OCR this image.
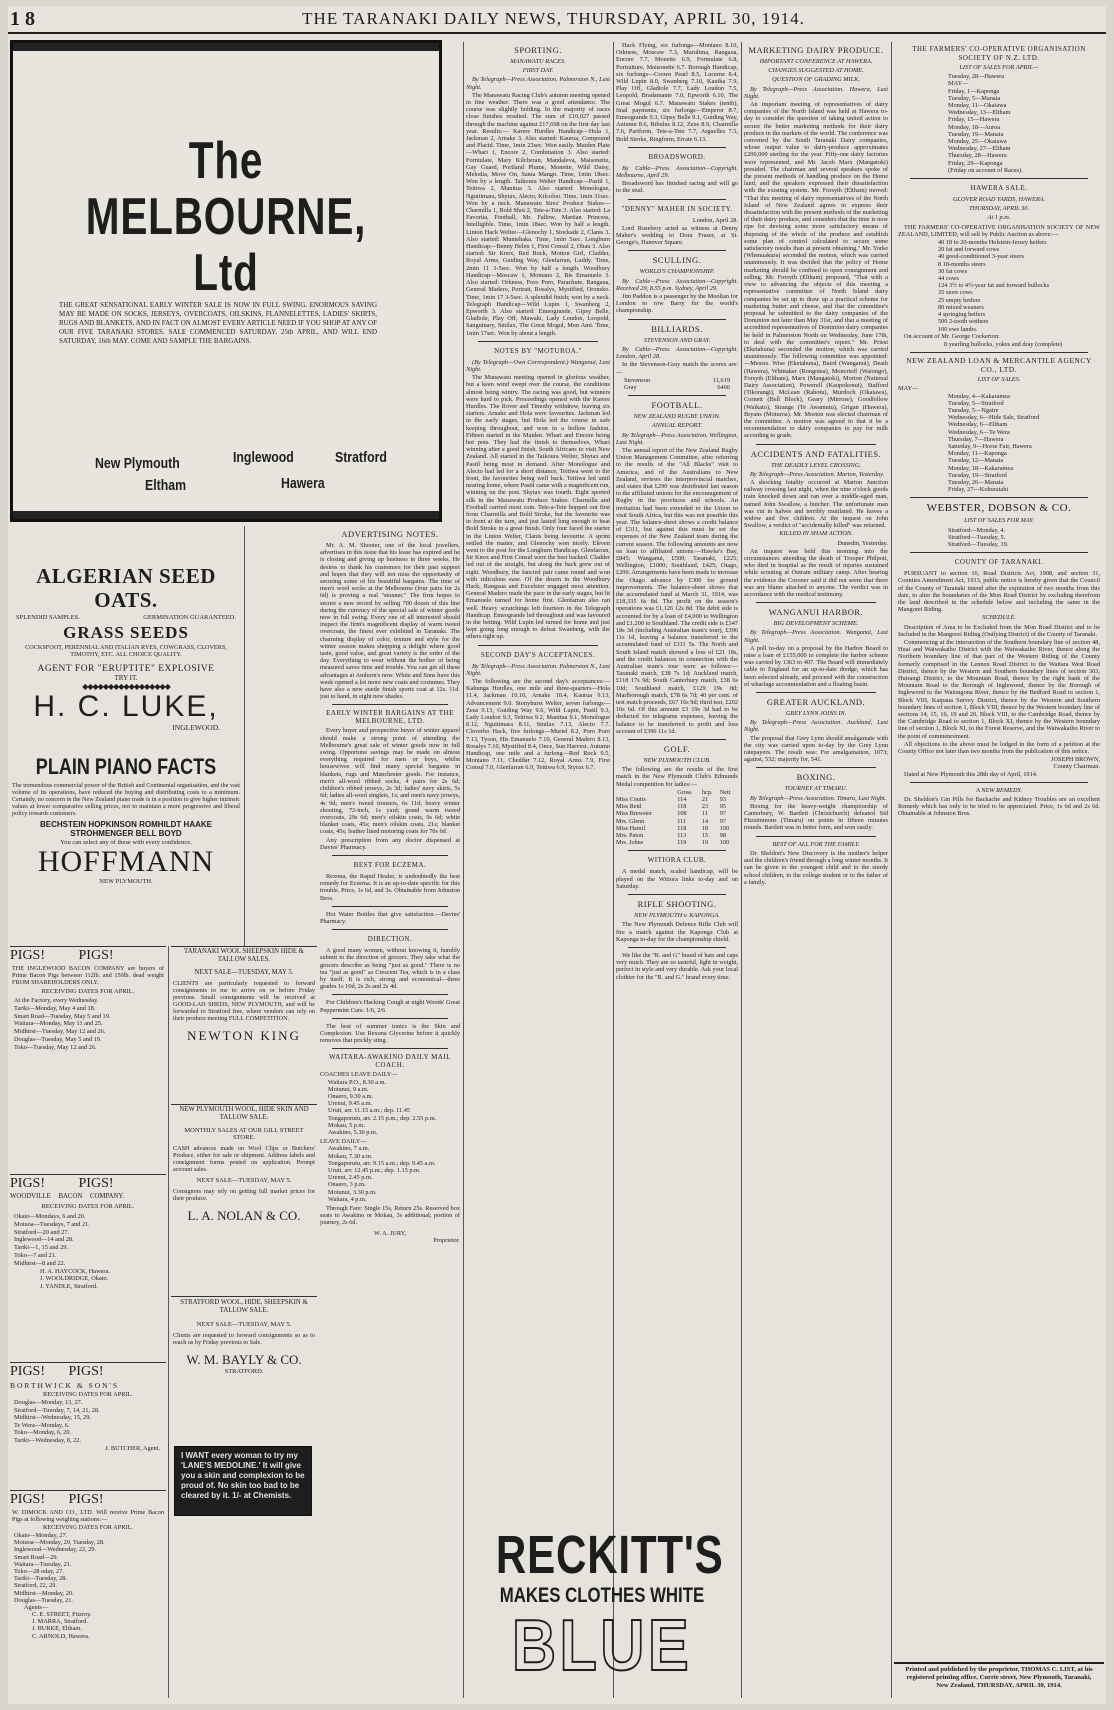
1 8	THE TARANAKI DAILY NEWS, THURSDAY, APRIL 30, 1914.
The MELBOURNE, Ltd
THE GREAT SENSATIONAL EARLY WINTER SALE IS NOW IN FULL SWING. ENORMOUS SAVING MAY BE MADE ON SOCKS, JERSEYS, OVERCOATS, OILSKINS, FLANNELETTES, LADIES' SKIRTS, RUGS AND BLANKETS, AND IN FACT ON ALMOST EVERY ARTICLE NEED IF YOU SHOP AT ANY OF OUR FIVE TARANAKI STORES. SALE COMMENCED SATURDAY, 25th APRIL, AND WILL END SATURDAY, 16th MAY. COME AND SAMPLE THE BARGAINS.
New Plymouth	Inglewood	Stratford
Eltham	Hawera
ALGERIAN SEED OATS.
SPLENDID SAMPLES.	GERMINATION GUARANTEED.
GRASS SEEDS
COCKSFOOT, PERENNIAL AND ITALIAN RYES, COWGRASS, CLOVERS, TIMOTHY, ETC. ALL CHOICE QUALITY.
AGENT FOR "ERUPTITE" EXPLOSIVE
TRY IT.
◆◆◆◆◆◆◆◆◆◆◆◆◆◆◆◆◆
H. C. LUKE,
INGLEWOOD.
PLAIN PIANO FACTS
The tremendous commercial power of the British and Continental organisation, and the vast volume of its operations, have reduced the buying and distributing costs to a minimum. Certainly, no concern in the New Zealand piano trade is in a position to give higher intrinsic values at lower comparative selling prices, nor to maintain a more progressive and liberal policy towards customers.
BECHSTEIN HOPKINSON ROMHILDT HAAKE
STROHMENGER BELL BOYD
You can select any of these with every confidence.
HOFFMANN
NEW PLYMOUTH.
PIGS! PIGS!
THE INGLEWOOD BACON COMPANY are buyers of Prime Bacon Pigs between 112lb. and 150lb. dead weight FROM SHAREHOLDERS ONLY.
RECEIVING DATES FOR APRIL.
At the Factory, every Wednesday.
Tariki—Monday, May 4 and 18.
Smart Road—Tuesday, May 5 and 19.
Waitara—Monday, May 11 and 25.
Midhirst—Tuesday, May 12 and 26.
Douglas—Tuesday, May 5 and 19.
Toko—Tuesday, May 12 and 26.
PIGS! PIGS!
WOODVILLE BACON COMPANY.
RECEIVING DATES FOR APRIL.
Okato—Mondays, 6 and 20.
Motuoa—Tuesdays, 7 and 21.
Stratford—20 and 27.
Inglewood—14 and 28.
Tariki—1, 15 and 29.
Toko—7 and 21.
Midhirst—8 and 22.
H. A. HAYCOCK, Hawera.
J. WOOLDRIDGE, Okato.
J. YANDLE, Stratford.
PIGS! PIGS!
BORTHWICK & SON'S
RECEIVING DATES FOR APRIL.
Douglas—Monday, 13, 27.
Stratford—Tuesday, 7, 14, 21, 28.
Midhirst—Wednesday, 15, 29.
Te Wera—Monday, 6.
Toko—Monday, 6, 20.
Tariki—Wednesday, 8, 22.
J. BUTCHER, Agent.
PIGS! PIGS!
W. DIMOCK AND CO., LTD. Will receive Prime Bacon Pigs at following weighing stations:—
RECEIVING DATES FOR APRIL.
Okato—Monday, 27.
Motuoa—Monday, 29, Tuesday, 28.
Inglewood—Wednesday, 22, 29.
Smart Road—29.
Waitara—Tuesday, 21.
Toko—28 oday, 27.
Tariki—Tuesday, 28.
Stratford, 22, 29.
Midhirst—Monday, 20.
Douglas—Tuesday, 21.
Agents—
C. E. STREET, Fitzroy.
J. MARRA, Stratford.
J. BURKE, Eltham.
C. ARNOLD, Hawera.
TARANAKI WOOL SHEEPSKIN HIDE & TALLOW SALES.
NEXT SALE—TUESDAY, MAY 5.
CLIENTS are particularly requested to forward consignments to me to arrive on or before Friday previous. Small consignments will be received at GOOD-LAD SHEDS, NEW PLYMOUTH, and will be forwarded to Stratford free, where vendors can rely on their produce meeting FULL COMPETITION.
NEWTON KING
NEW PLYMOUTH WOOL, HIDE SKIN AND TALLOW SALE.
MONTHLY SALES AT OUR GILL STREET STORE.
CASH advances made on Wool Clips or Butchers' Produce, either for sale or shipment. Address labels and consignment forms posted on application. Prompt account sales.
NEXT SALE—TUESDAY, MAY 5.
Consignors may rely on getting full market prices for their produce.
L. A. NOLAN & CO.
STRATFORD WOOL, HIDE, SHEEPSKIN & TALLOW SALE.
NEXT SALE—TUESDAY, MAY 5.
Clients are requested to forward consignments so as to reach us by Friday previous to Sale.
W. M. BAYLY & CO.
STRATFORD.
I WANT every woman to try my 'LANE'S MEDOLINE.' It will give you a skin and complexion to be proud of. No skin too bad to be cleared by it. 1/- at Chemists.
ADVERTISING NOTES.

Mr. A. M. Shooter, one of the local jewellers, advertises in this issue that his lease has expired and he is closing and giving up business in three weeks. He desires to thank his customers for their past support and hopes that they will not miss the opportunity of securing some of his beautiful bargains. The time of men's wool socks at the Melbourne (four pairs for 2s 6d) is proving a real "stunner." The firm hopes to secure a new record by selling 700 dozen of this line during the currency of the special sale of winter goods now in full swing. Every one of all interested should inspect the firm's magnificent display of warm tweed overcoats, the finest ever exhibited in Taranaki. The charming display of color, texture and style for the winter season makes shopping a delight where good taste, good value, and great variety is the order of the day. Everything to wear without the bother of being measured saves time and trouble. You can get all these advantages at Amburn's now. White and Sons have this week opened a lot more new coats and costumes. They have also a new suede finish sports coat at 12s. 11d. just to hand, in eight new shades.

EARLY WINTER BARGAINS AT THE MELBOURNE, LTD.

Every buyer and prospective buyer of winter apparel should make a strong point of attending the Melbourne's great sale of winter goods now in full swing. Opportune savings may be made on almost everything required for men or boys, whilst housewives will find many special bargains in blankets, rugs and Manchester goods. For instance, men's all-wool ribbed socks, 4 pairs for 2s 6d; children's ribbed jerseys, 2s 3d; ladies' navy skirts, 5s 6d; ladies all-wool singlets, 1s; and men's navy jerseys, 4s 9d; men's tweed trousers, 6s 11d; heavy winter shooting, 72-inch, 1s yard; grand warm tweed overcoats, 29s 6d; men's oilskin coats, 9s 6d; white blanket coats, 45s; men's oilskin coats, 21s; blanket coats, 45s; leather lined motoring coats for 70s 6d.

Any prescription from any doctor dispensed at Davies' Pharmacy.

BEST FOR ECZEMA.

Rexona, the Rapid Healer, is undoubtedly the best remedy for Eczema. It is an up-to-date specific for this trouble. Price, 1s 6d, and 3s. Obtainable from Johnston Bros.

Hot Water Bottles that give satisfaction.—Davies' Pharmacy.

DIRECTION.

A good many women, without knowing it, humbly submit to the direction of grocers. They take what the grocers describe as being "just as good." There is no tea "just as good" as Crescent Tea, which is in a class by itself. It is rich, strong and economical—three grades 1s 10d, 2s 2s and 2s 4d.

For Children's Hacking Cough at night Woods' Great Peppermint Cure. 1/6, 2/6

The best of summer tonics is the Skin and Complexion. Use Rexona Glycerine before it quickly removes that prickly sting.

WAITARA-AWAKINO DAILY MAIL COACH.
COACHES LEAVE DAILY—
Waitara P.O., 8.30 a.m.
Motunui, 9 a.m.
Onaero, 9.30 a.m.
Urenui, 9.45 a.m.
Uruti, arr. 11.15 a.m.; dep. 11.45
Tongaporutu, arr. 2.15 p.m.; dep. 2.55 p.m.
Mokau, 5 p.m.
Awakino, 5.30 p.m.
LEAVE DAILY—
Awakino, 7 a.m.
Mokau, 7.30 a.m.
Tongaporutu, arr. 9.15 a.m.; dep. 9.45 a.m.
Uruti, arr. 12.45 p.m.; dep. 1.15 p.m.
Urenui, 2.45 p.m.
Onaero, 3 p.m.
Motunui, 3.30 p.m.
Waitara, 4 p.m.

Through Fare: Single 15s, Return 25s. Reserved box seats to Awakino or Mokau, 3s additional; portion of journey, 2s 6d.

W. A. JURY,
Proprietor.
SPORTING.
MANAWATU RACES.
FIRST DAY.

By Telegraph—Press Association. Palmerston N., Last Night.

The Manawatu Racing Club's autumn meeting opened in fine weather. There was a good attendance. The course was slightly holding. In the majority of races close finishes resulted. The sum of £10,027 passed through the machine against £17,698 on the first day last year. Results:— Karere Hurdles Handicap—Hola 1, Jackman 2, Arnake 3. Also started: Kaurua, Compound and Placid. Time, 1min 23sec. Won easily. Maiden Plate—Whari 1, Encore 2, Combination 3. Also started: Formulate, Mary Kilcheran, Mandaleva, Maisonette, Gay Guard, Portland Plume, Monette, Wild Daisy, Melodia, Move On, Santa Mango. Time, 1min 18sec. Won by a length. Taikoura Welter Handicap—Pastil 1, Teitiwa 2, Manitua 3. Also started: Monologue, Nguitimara, Shytax, Alecto, Kilcoloo. Time, 1min 31sec. Won by a neck. Manawatu Sires' Produce Stakes—Charmilla 1, Bold Shot 2, Tete-a-Tete 3. Also started: La Favorita, Football, Mr. Fallow, Martian Princess, Intelligible. Time, 1min 18sec. Won by half a length. Linton Hack Welter—Glenochy 1, Stockade 2, Clanis 3. Also started: Muntehaka. Time, 1min 5sec. Longburn Handicap—Benny Helen 1, First Consul 2, Ohau 3. Also started: Sir Knox, Red Rock, Motton Girl, Cladder, Royal Arms, Guiding Way, Glenfarran, Luddy. Time, 2min 11 3-5sec. Won by half a length. Woodbury Handicap—Moscaw 1, Montano 2, Bis Emanuelo 3. Also started: Orkness, Poro Poro, Parachute, Rangaua, General Madero, Portrait, Rosalys, Mystified, Oronsko. Time, 1min 17 3-5sec. A splendid finish; won by a neck. Telegraph Handicap—Wild Lupin 1, Swanberg 2, Epworth 3. Also started: Emeogrande, Gipsy Belle, Gladiole, Play Off, Mawaki, Lady Loudon, Leopold, Sanguinary, Smilax, The Great Mogul, Mon Ami. Time, 1min 17sec. Won by about a length.

NOTES BY "MOTUROA."

(By Telegraph—Own Correspondent.) Wanganui, Last Night.

The Manawatu meeting opened in glorious weather, but a keen wind swept over the course, the conditions almost being wintry. The racing was good, but winners were hard to pick. Proceedings opened with the Karere Hurdles. The Rover and Timothy withdrew, leaving six starters. Arnake and Hola were favourites. Jackman led in the early stages, but Hola led the course in safe keeping throughout, and won in a hollow fashion. Fifteen started in the Maiden. Whari and Encore being hot pots. They had the finish to themselves, Whari winning after a good finish. South Africans to visit New Zealand. All started in the Taikoura Welter, Shytax and Pastil being most in demand. After Monologue and Alecto had led for a short distance, Teitiwa went to the front, the favourites being well back. Teitiwa led until nearing home, where Pastil came with a magnificent run, winning on the post. Shytax was fourth. Eight sported silk in the Manawatu Produce Stakes. Charmilla and Football carried most coin. Tete-a-Tete hopped out first from Charmilla and Bold Stroke, but the favourite was in front at the turn, and just lasted long enough to beat Bold Stroke in a great finish. Only four faced the starter in the Linton Welter, Clanis being favourite. A sprint settled the matter, and Glenochy won nicely. Eleven went to the post for the Longburn Handicap. Glenfarran, Sir Knox and First Consul were the best backed. Cladder led out of the straight, but along the back grew out of sight. Woodbury, the fancied pair came round and won with ridiculous ease. Of the dozen in the Woodbury Hack, Rangaua and Excelsior engaged most attention. General Madero made the pace in the early stages, but lit Emanuelo turned for home first. Glenfarran also ran well. Heavy scratchings left fourteen in the Telegraph Handicap. Emeogrande led throughout and was favoured in the betting. Wild Lupin led turned for home and just kept going long enough to defeat Swanberg, with the others right up.

SECOND DAY'S ACCEPTANCES.

By Telegraph—Press Association. Palmerston N., Last Night.

The following are the second day's acceptances:— Kahunga Hurdles, one mile and three-quarters—Hola 11.4, Jackman 10.10, Arnake 10.4, Kaurua 9.13, Advancement 9.0. Stonyhurst Welter, seven furlongs—Zeus 9.13, Guiding Way 9.6, Wild Lupin, Pastil 9.3, Lady Loudon 9.3, Teitiwa 9.2, Manitua 9.1, Monologue 8.12, Nguitimara 8.11, Smilax 7.13, Alecto 7.7. Cloverbo Hack, five furlongs—Muriel 8.2, Poro Poro 7.13, Tyson, His Emanuelo 7.10, General Madero 8.13, Rosalys 7.10, Mystified 8.4, Once, Sun Harvest. Autumn Handicap, one mile and a furlong—Red Rock 9.5, Montano 7.11, Cheddar 7.12, Royal Arms 7.9, First Consul 7.0, Glenfarran 6.9, Teitiwa 6.9, Styrax 6.7.

Hack Flying, six furlongs—Montano 8.10, Orkness, Moscaw 7.3, Marulima, Rangaua, Encore 7.7, Monette 6.9, Formulate 6.8, Portraiture, Maisonette 6.7. Borough Handicap, six furlongs—Crown Pearl 8.5, Lucerne 8.4, Wild Lupin 8.0, Swanberg 7.10, Kauika 7.9, Play Off, Gladiole 7.7, Lady Loudon 7.5, Leopold, Bradamante 7.0, Epworth 6.10, The Great Mogul 6.7. Manawatu Stakes (tenth), final payments, six furlongs—Emperor 8.7, Emeogrande 9.3, Gipsy Belle 9.1, Guiding Way, Autumn 8.6, Bibulus 8.12, Zeus 8.9, Charmilla 7.6, Pariform, Tete-a-Tete 7.7, Arguelles 7.5, Bold Stroke, Ringform, Errate 6.13.

BROADSWORD.

By Cable—Press Association—Copyright. Melbourne, April 29.

Broadsword has finished racing and will go to the stud.

"DENNY" MAHER IN SOCIETY.

London, April 28.

Lord Rosebery acted as witness at Denny Maher's wedding to Dora Fraser, at St. George's, Hanover Square.

SCULLING.
WORLD'S CHAMPIONSHIP.

By Cable—Press Association—Copyright. Received 29, 8.55 p.m. Sydney, April 29.

Jim Paddon is a passenger by the Mooltan for London to row Barry for the world's championship.

BILLIARDS.
STEVENSON AND GRAY.

By Cable—Press Association—Copyright. London, April 28.

In the Stevenson-Gray match the scores are:—

Stevenson	11,619
Gray	6466
FOOTBALL.
NEW ZEALAND RUGBY UNION.
ANNUAL REPORT.

By Telegraph—Press Association. Wellington, Last Night.

The annual report of the New Zealand Rugby Union Management Committee, after referring to the results of the "All Blacks" visit to America, and of the Australians to New Zealand, reviews the interprovincial matches, and states that £290 was distributed last season to the affiliated unions for the encouragement of Rugby in the provinces and schools. An invitation had been extended to the Union to visit South Africa, but this was not possible this year. The balance-sheet shows a credit balance of £311, but against this must be set the expenses of the New Zealand team during the current season. The following amounts are now on loan to affiliated unions:—Hawke's Bay, £845; Wanganui, £500; Taranaki, £225; Wellington, £1000; Southland, £425; Otago, £200. Arrangements have been made to increase the Otago advance by £300 for ground improvements. The balance-sheet shows that the accumulated fund at March 31, 1914, was £18,335 6s 8d. The profit on the season's operations was £1,126 12s 8d. The debit side is accounted for by a loan of £4,000 to Wellington and £1,200 to Southland. The credit side is £347 18s 3d (including Australian team's tour), £396 11s 1d, leaving a balance transferred to the accumulated fund of £311 5s. The North and South Island match showed a loss of £21 18s, and the credit balances in connection with the Australian team's tour were as follows:— Taranaki match, £38 7s 1d; Auckland match, £118 17s 9d; South Canterbury match, £38 6s 10d; Southland match, £129 19s 8d; Marlborough match, £78 6s 7d; 40 per cent. of test match proceeds, £67 16s 9d; third test, £202 10s 6d. Of this amount £3 19s 3d had to be deducted for telegrams expenses, leaving the balance to be transferred to profit and loss account of £396 11s 1d.

GOLF.
NEW PLYMOUTH CLUB.

The following are the results of the first match in the New Plymouth Club's Edmunds Medal competition for ladies:—

	Gross	hcp.	Nett
Miss Coutts	114	21	93
Miss Reid	118	23	95
Miss Brewster	108	11	97
Mrs. Glenn	111	14	97
Miss Hamil	118	18	100
Mrs. Paton	113	15	98
Mrs. Johns	119	19	100
WITIORA CLUB.

A medal match, scaled handicap, will be played on the Witiora links to-day and on Saturday.

RIFLE SHOOTING.
NEW PLYMOUTH v. KAPONGA.

The New Plymouth Defence Rifle Club will fire a match against the Kaponga Club at Kaponga to-day for the championship shield.

We like the "R. and G" brand of hats and caps very much. They are so tasteful, light in weight, perfect in style and very durable. Ask your local clothier for the "R. and G." brand every time.

RECKITT'S
MAKES CLOTHES WHITE
BLUE
MARKETING DAIRY PRODUCE.
IMPORTANT CONFERENCE AT HAWERA.
CHANGES SUGGESTED AT HOME.
QUESTION OF GRADING MILK.

By Telegraph—Press Association. Hawera, Last Night.

An important meeting of representatives of dairy companies of the North Island was held at Hawera to-day to consider the question of taking united action to secure the better marketing methods for their dairy produce in the markets of the world. The conference was convened by the South Taranaki Dairy companies, whose output value to dairy-produce approximates £200,000 sterling for the year. Fifty-one dairy factories were represented, and Mr. Jacob Marx (Mangatoki) presided. The chairman and several speakers spoke of the present methods of handling produce on the Home land, and the speakers expressed their dissatisfaction with the existing system. Mr. Forsyth (Eltham) moved: "That this meeting of dairy representatives of the North Island of New Zealand agrees to express their dissatisfaction with the present methods of the marketing of their dairy produce, and considers that the time is now ripe for devising some more satisfactory means of disposing of the whole of the produce and establish some plan of control calculated to secure some satisfactory results than at present obtaining." Mr. Yorke (Whenuakura) seconded the motion, which was carried unanimously. It was decided that the policy of Home marketing should be confined to open consignment and selling. Mr. Forsyth (Eltham) proposed, "That with a view to advancing the objects of this meeting a representative committee of North Island dairy companies be set up to draw up a practical scheme for marketing butter and cheese, and that the committee's proposal be submitted to the dairy companies of the Dominion not later than May 31st, and that a meeting of accredited representatives of Dominion dairy companies be held in Palmerston North on Wednesday, June 17th, to deal with the committee's report." Mr. Priest (Eketahuna) seconded the motion, which was carried unanimously. The following committee was appointed:—Messrs. Wise (Eketahuna), Baird (Wanganui), Death (Hawera), Whittaker (Rongotea), Moncrieff (Waiongo), Forsyth (Eltham), Marx (Mangatoki), Morton (National Dairy Association), Powerell (Kaupokonui), Stafford (Tikorangi), McLean (Rahotu), Murdoch (Okaiawa), Cornett (Bell Block), Geary (Mirrose), Goodfellow (Waikato), Strange (Te Awamutu), Grigan (Hawera), Bryans (Moturoa). Mr. Morton was elected chairman of the committee. A motion was agreed to that it be a recommendation to dairy companies to pay for milk according to grade.

ACCIDENTS AND FATALITIES.
THE DEADLY LEVEL CROSSING.

By Telegraph—Press Association. Marton, Yesterday.

A shocking fatality occurred at Marton Junction railway crossing last night, when the nine o'clock goods train knocked down and ran over a middle-aged man, named John Swallow, a butcher. The unfortunate man was cut in halves and terribly mutilated. He leaves a widow and five children. At the inquest on John Swallow, a verdict of "accidentally killed" was returned.

KILLED IN SHAM ACTION.

Dunedin, Yesterday.

An inquest was held this morning into the circumstances attending the death of Trooper Philpott, who died in hospital as the result of injuries sustained while scouting at Outram military camp. After hearing the evidence the Coroner said it did not seem that there was any blame attached to anyone. The verdict was in accordance with the medical testimony.

WANGANUI HARBOR.
BIG DEVELOPMENT SCHEME.

By Telegraph—Press Association. Wanganui, Last Night.

A poll to-day on a proposal by the Harbor Board to raise a loan of £155,000 to complete the harbor scheme was carried by 1363 to 407. The Board will immediately cable to England for an up-to-date dredge, which has been selected already, and proceed with the construction of wharfage accommodation and a floating basin.

GREATER AUCKLAND.
GREY LYNN JOINS IN.

By Telegraph—Press Association. Auckland, Last Night.

The proposal that Grey Lynn should amalgamate with the city was carried upon to-day by the Grey Lynn ratepayers. The result was: For amalgamation, 1073; against, 532; majority for, 541.

BOXING.
TOURNEY AT TIMARU.

By Telegraph—Press Association. Timaru, Last Night.

Boxing for the heavy-weight championship of Canterbury, W. Bartlett (Christchurch) defeated Sid Fitzsimmons (Timaru) on points in fifteen minutes rounds. Bartlett was in better form, and won easily.

BEST OF ALL FOR THE FAMILY.

Dr. Sheldon's New Discovery is the mother's helper and the children's friend through a long winter months. It can be given to the youngest child and to the sturdy school children, to the college student or to the father of a family.

THE FARMERS' CO-OPERATIVE ORGANISATION SOCIETY OF N.Z. LTD.
LIST OF SALES FOR APRIL—
Tuesday, 28—Hawera
MAY—
Friday, 1—Kaponga
Tuesday, 5—Manaia
Monday, 11—Okaiawa
Wednesday, 13—Eltham
Friday, 15—Hawera
Monday, 18—Auroa
Tuesday, 19—Manaia
Monday, 25—Okaiawa
Wednesday, 27—Eltham
Thursday, 28—Hawera
Friday, 29—Kaponga
(Friday on account of Races).
HAWERA SALE.
GLOVER ROAD YARDS, HAWERA.
THURSDAY, APRIL 30.
At 1 p.m.

THE FARMERS' CO-OPERATIVE ORGANISATION SOCIETY OF NEW ZEALAND, LIMITED, will sell by Public Auction as above:—

40 18 to 20-months Holstein-Jersey heifers
20 fat and forward cows
40 good-conditioned 3-year steers
8 18-months steers
30 fat cows
44 cows
124 3½ to 4½-year fat and forward bullocks
35 store cows
25 empty heifers
80 mixed weaners
4 springing heifers
500 2-tooth wethers
100 ewe lambs.

On account of Mr. George Cockerton:

8 yearling bullocks, yokes and dray (complete)

NEW ZEALAND LOAN & MERCANTILE AGENCY CO., LTD.
LIST OF SALES.
MAY—
Monday, 4—Kakaramea
Tuesday, 5—Stratford
Tuesday, 5—Ngaire
Wednesday, 6—Hide Sale, Stratford
Wednesday, 6—Eltham
Wednesday, 6—Te Wera
Thursday, 7—Hawera
Saturday, 9—Horse Fair, Hawera
Monday, 11—Kaponga
Tuesday, 12—Manaia
Monday, 18—Kakaramea
Tuesday, 19—Stratford
Tuesday, 26—Manaia
Friday, 27—Kohuratahi
WEBSTER, DOBSON & CO.
LIST OF SALES FOR MAY.
Stratford—Monday, 4.
Stratford—Tuesday, 5.
Stratford—Tuesday, 19.
COUNTY OF TARANAKI.

PURSUANT to section 16, Road Districts Act, 1908, and section 31, Counties Amendment Act, 1913, public notice is hereby given that the Council of the County of Taranaki intend after the expiration of two months from this date, to alter the boundaries of the Mon Road District by excluding therefrom the land described in the schedule below and including the same in the Mangorei Riding.

SCHEDULE.

Description of Area to be Excluded from the Mon Road District and to be Included in the Mangorei Riding (Outlying District) of the County of Taranaki.

Commencing at the intersection of the Southern boundary line of section 48, Huai and Waiwakaiho District with the Waiwakaiho River, thence along the Northern boundary line of that part of the Western Riding of the County formerly comprised in the Lennox Road District to the Waitara West Road District, thence by the Western and Southern boundary lines of section 303, Huirangi District, to the Mountain Road, thence by the right bank of the Mountain Road to the Borough of Inglewood, thence by the Borough of Inglewood to the Waiongona River, thence by the Bedford Road to section 1, Block VIII, Kaipaua Survey District, thence by the Western and Southern boundary lines of section 1, Block VIII, thence by the Western boundary line of sections 14, 15, 16, 19 and 20, Block VIII, to the Cambridge Road, thence by the Cambridge Road to section 1, Block XI, thence by the Western boundary line of section 1, Block XI, to the Forest Reserve, and the Waiwakaiho River to the point of commencement.

All objections to the above must be lodged in the form of a petition at the County Office not later than two months from the publication of this notice.

JOSEPH BROWN,
County Chairman.

Dated at New Plymouth this 28th day of April, 1914.

A NEW REMEDY.

Dr. Sheldon's Gin Pills for Backache and Kidney Troubles are an excellent Remedy which has only to be tried to be appreciated. Price, 1s 6d and 2s 6d. Obtainable at Johnston Bros.

Printed and published by the proprietor, THOMAS C. LIST, at his registered printing office, Currie street, New Plymouth, Taranaki, New Zealand, THURSDAY, APRIL 30, 1914.
